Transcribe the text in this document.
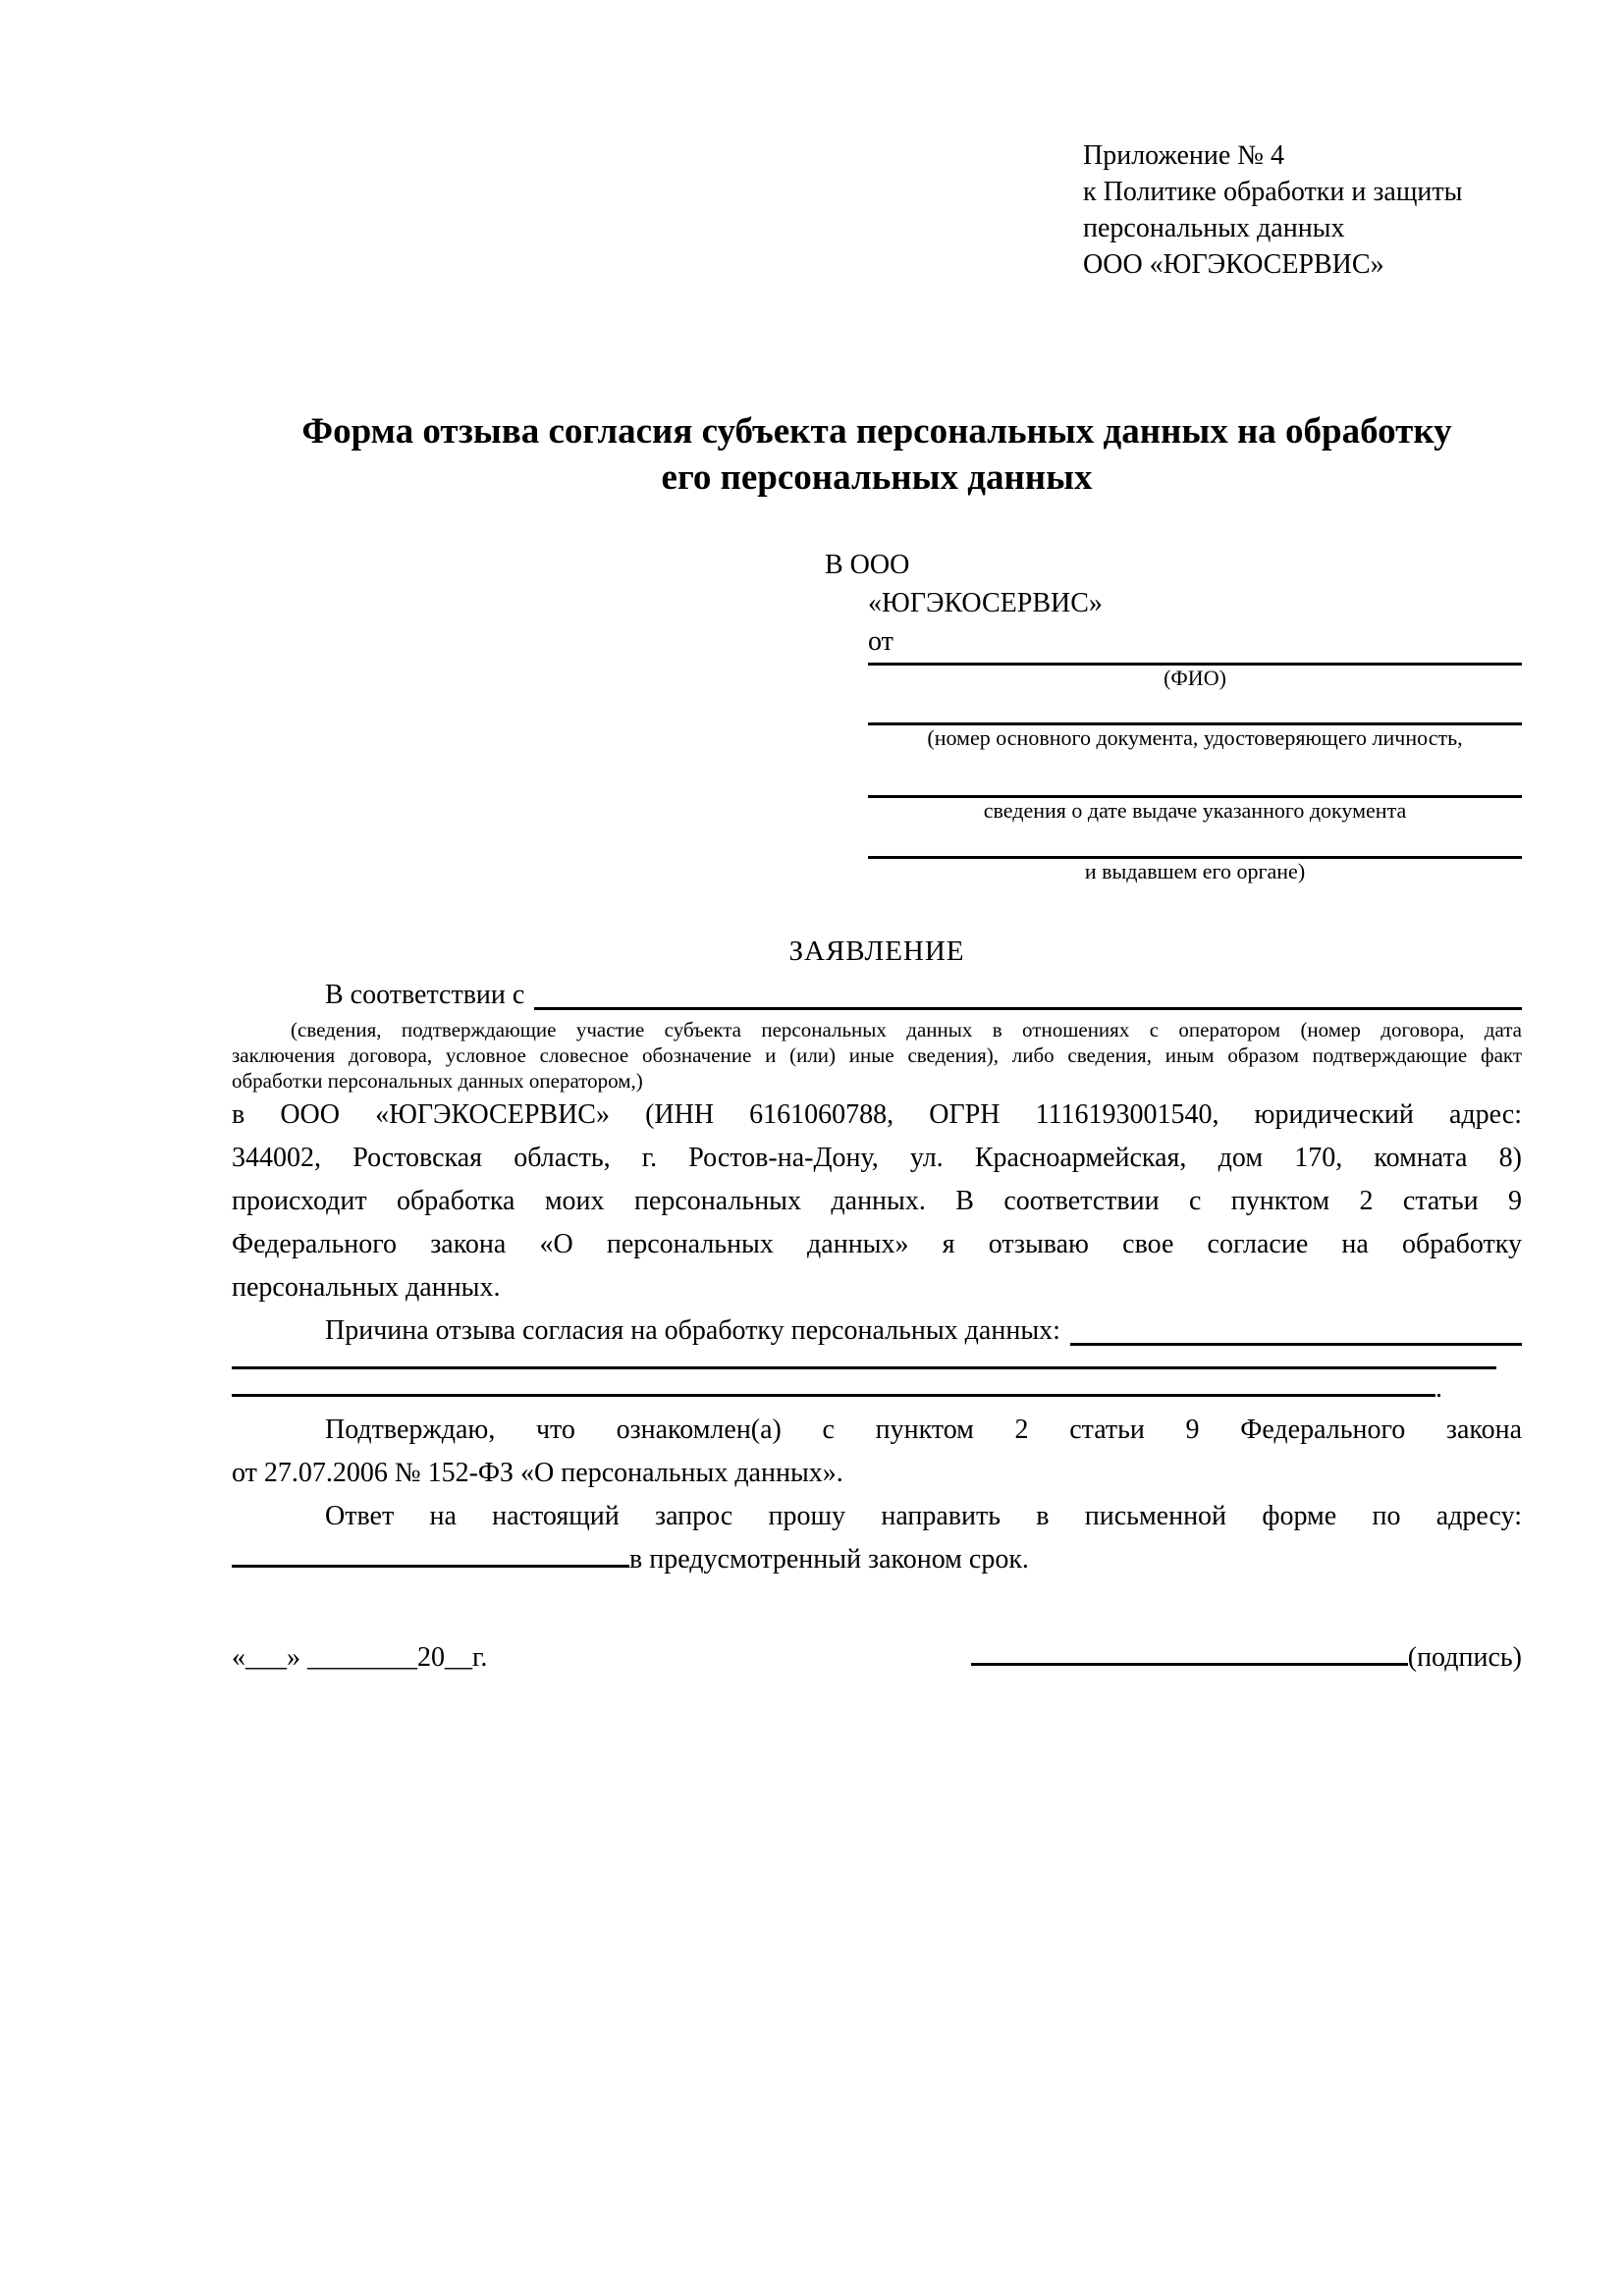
Приложение № 4
к Политике обработки и защиты
персональных данных
ООО «ЮГЭКОСЕРВИС»
Форма отзыва согласия субъекта персональных данных на обработку
его персональных данных
В ООО
«ЮГЭКОСЕРВИС»
от
(ФИО)
(номер основного документа, удостоверяющего личность,
сведения о дате выдаче указанного документа
и выдавшем его органе)
ЗАЯВЛЕНИЕ
В соответствии с
(сведения, подтверждающие участие субъекта персональных данных в отношениях с оператором (номер договора, дата
заключения договора, условное словесное обозначение и (или) иные сведения), либо сведения, иным образом подтверждающие факт
обработки персональных данных оператором,)
в ООО «ЮГЭКОСЕРВИС» (ИНН 6161060788, ОГРН 1116193001540, юридический адрес:
344002, Ростовская область, г. Ростов-на-Дону, ул. Красноармейская, дом 170, комната 8)
происходит обработка моих персональных данных. В соответствии с пунктом 2 статьи 9
Федерального закона «О персональных данных» я отзываю свое согласие на обработку
персональных данных.
Причина отзыва согласия на обработку персональных данных:
.
Подтверждаю, что ознакомлен(а) с пунктом 2 статьи 9 Федерального закона
от 27.07.2006 № 152-ФЗ «О персональных данных».
Ответ на настоящий запрос прошу направить в письменной форме по адресу:
в предусмотренный законом срок.
«___» ________20__г.	(подпись)
